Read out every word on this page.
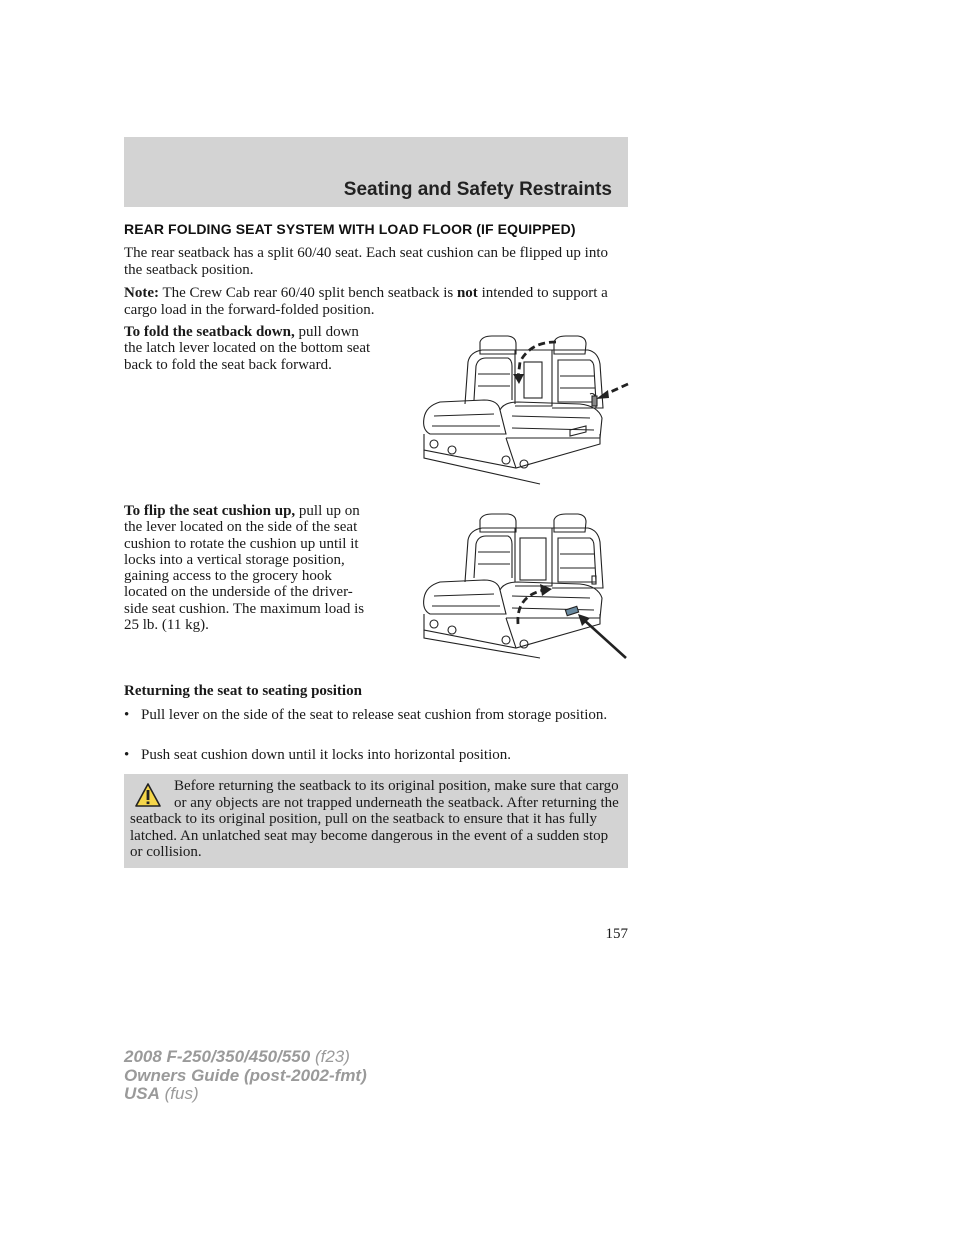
Seating and Safety Restraints
REAR FOLDING SEAT SYSTEM WITH LOAD FLOOR (IF EQUIPPED)
The rear seatback has a split 60/40 seat. Each seat cushion can be flipped up into the seatback position.
Note: The Crew Cab rear 60/40 split bench seatback is not intended to support a cargo load in the forward-folded position.
To fold the seatback down, pull down the latch lever located on the bottom seat back to fold the seat back forward.
To flip the seat cushion up, pull up on the lever located on the side of the seat cushion to rotate the cushion up until it locks into a vertical storage position, gaining access to the grocery hook located on the underside of the driver-side seat cushion. The maximum load is 25 lb. (11 kg).
Returning the seat to seating position
• Pull lever on the side of the seat to release seat cushion from storage position.
• Push seat cushion down until it locks into horizontal position.
Before returning the seatback to its original position, make sure that cargo or any objects are not trapped underneath the seatback. After returning the seatback to its original position, pull on the seatback to ensure that it has fully latched. An unlatched seat may become dangerous in the event of a sudden stop or collision.
157
2008 F-250/350/450/550 (f23)
Owners Guide (post-2002-fmt)
USA (fus)
